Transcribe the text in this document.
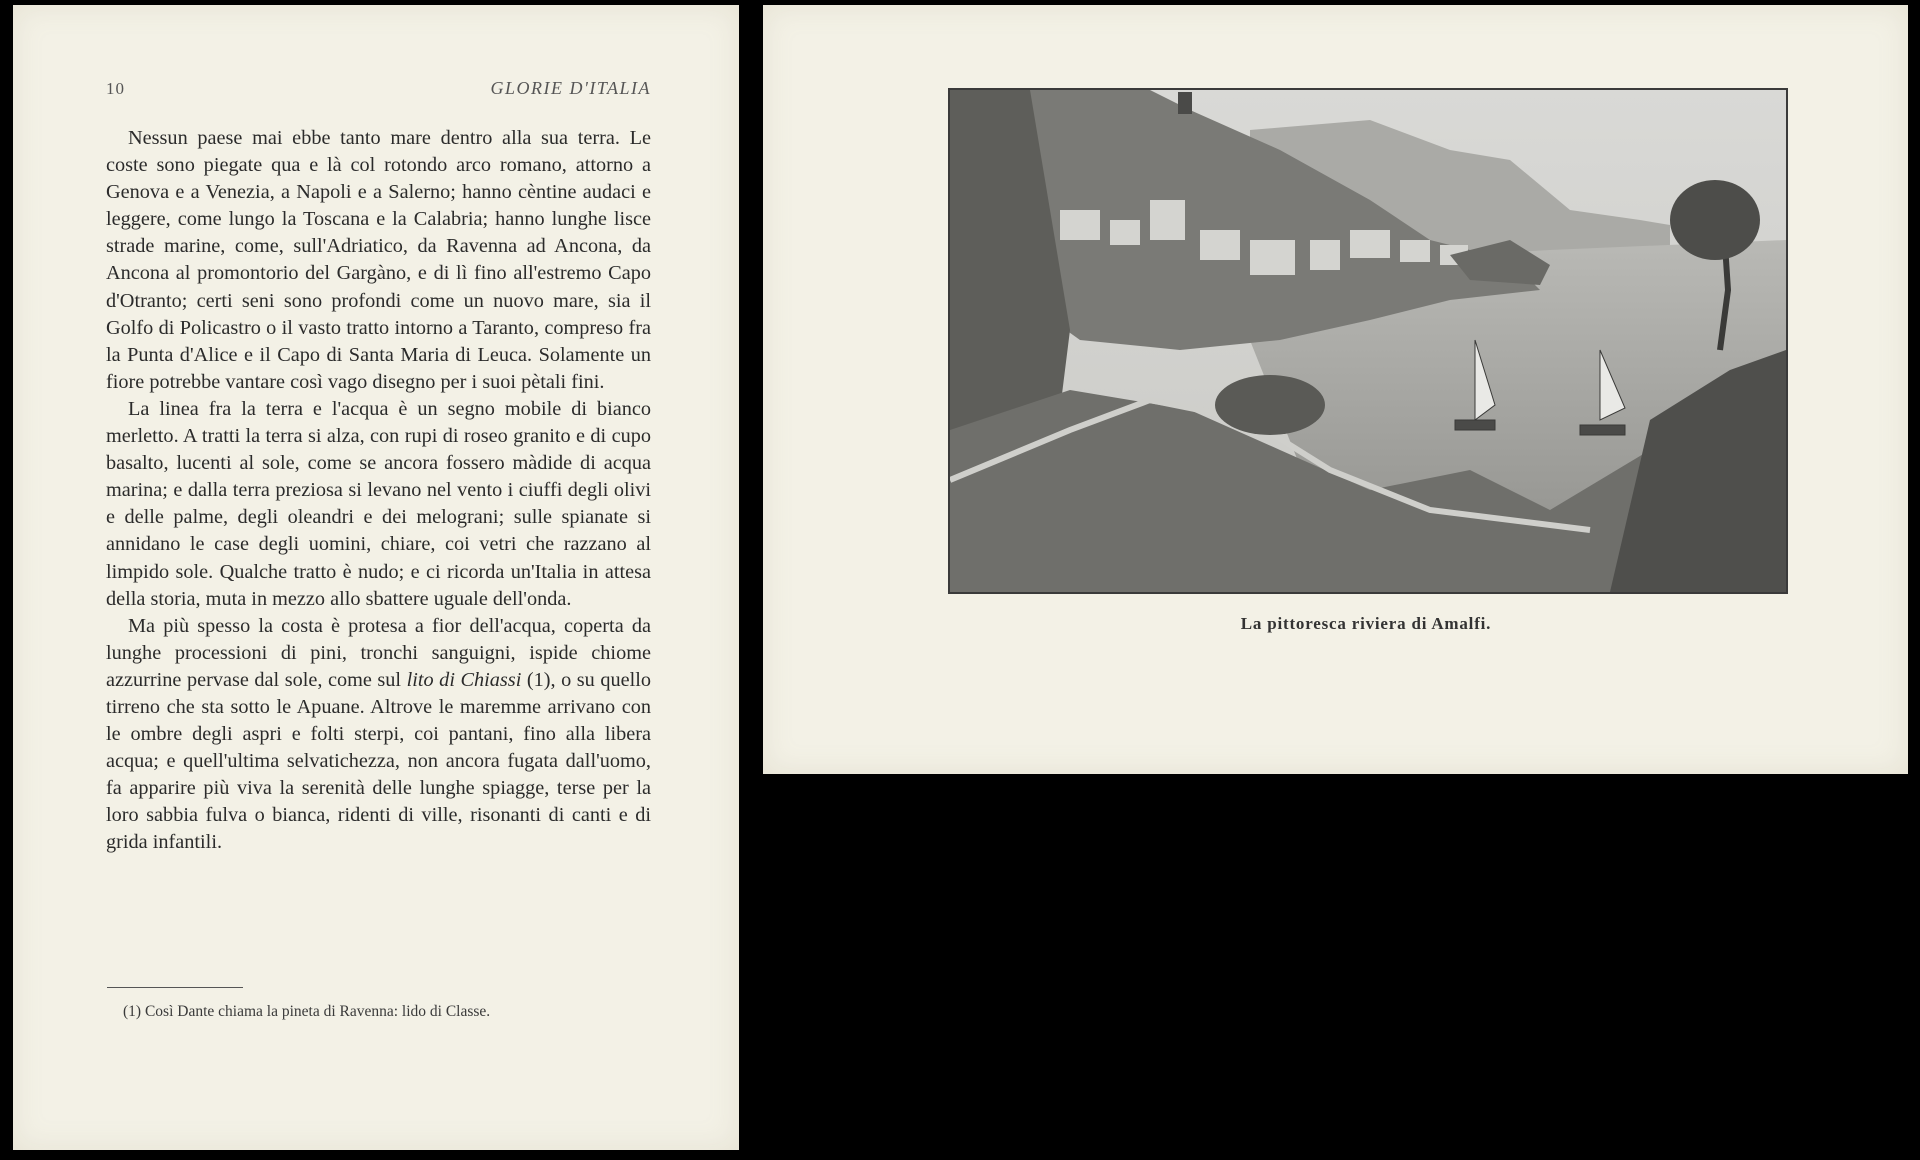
10	GLORIE D'ITALIA

Nessun paese mai ebbe tanto mare dentro alla sua terra. Le coste sono piegate qua e là col rotondo arco romano, attorno a Genova e a Venezia, a Napoli e a Salerno; hanno cèntine audaci e leggere, come lungo la Toscana e la Calabria; hanno lunghe lisce strade marine, come, sull'Adriatico, da Ravenna ad Ancona, da Ancona al promontorio del Gargàno, e di lì fino all'estremo Capo d'Otranto; certi seni sono profondi come un nuovo mare, sia il Golfo di Policastro o il vasto tratto intorno a Taranto, compreso fra la Punta d'Alice e il Capo di Santa Maria di Leuca. Solamente un fiore potrebbe vantare così vago disegno per i suoi pètali fini.

La linea fra la terra e l'acqua è un segno mobile di bianco merletto. A tratti la terra si alza, con rupi di roseo granito e di cupo basalto, lucenti al sole, come se ancora fossero màdide di acqua marina; e dalla terra preziosa si levano nel vento i ciuffi degli olivi e delle palme, degli oleandri e dei melograni; sulle spianate si annidano le case degli uomini, chiare, coi vetri che razzano al limpido sole. Qualche tratto è nudo; e ci ricorda un'Italia in attesa della storia, muta in mezzo allo sbattere uguale dell'onda.

Ma più spesso la costa è protesa a fior dell'acqua, coperta da lunghe processioni di pini, tronchi sanguigni, ispide chiome azzurrine pervase dal sole, come sul lito di Chiassi (1), o su quello tirreno che sta sotto le Apuane. Altrove le maremme arrivano con le ombre degli aspri e folti sterpi, coi pantani, fino alla libera acqua; e quell'ultima selvatichezza, non ancora fugata dall'uomo, fa apparire più viva la serenità delle lunghe spiagge, terse per la loro sabbia fulva o bianca, ridenti di ville, risonanti di canti e di grida infantili.

(1) Così Dante chiama la pineta di Ravenna: lido di Classe.
La pittoresca riviera di Amalfi.
